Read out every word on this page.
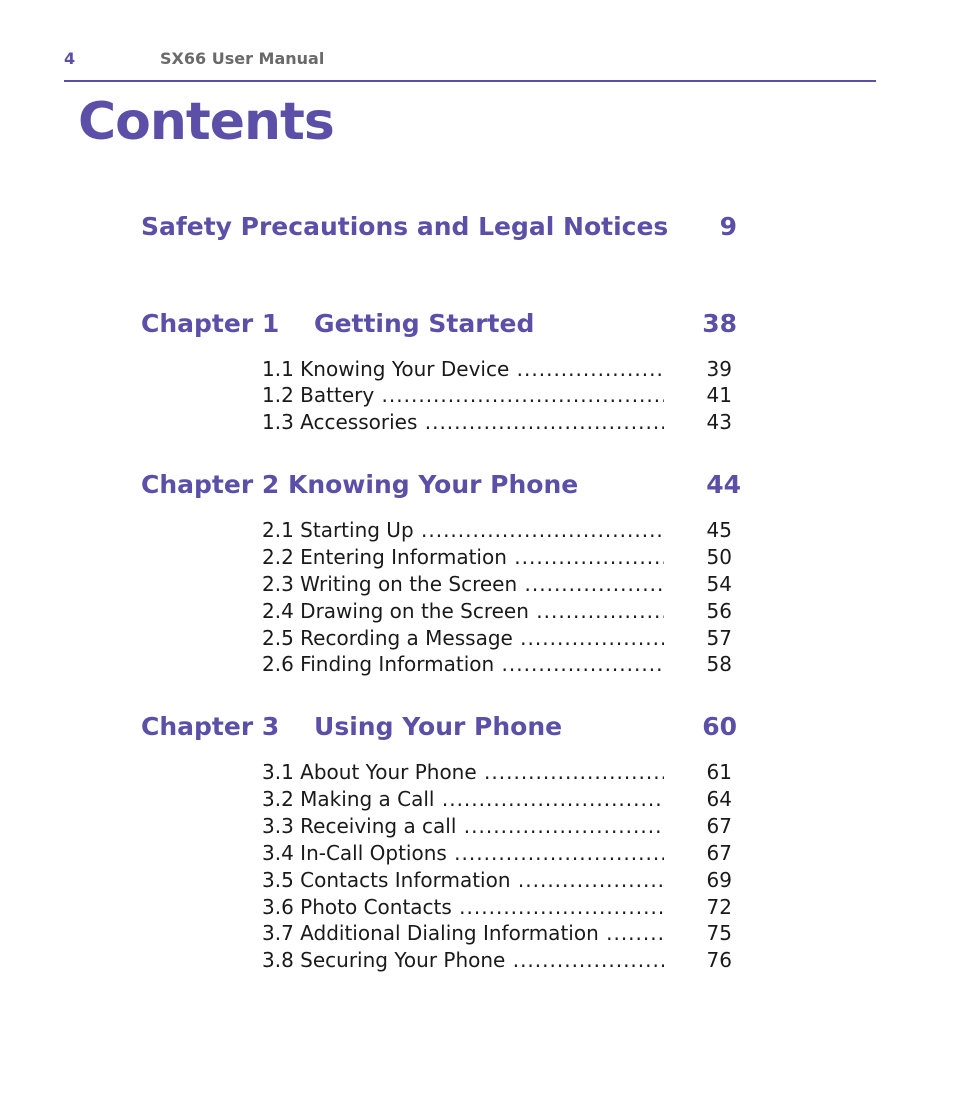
4	SX66 User Manual
Contents
Safety Precautions and Legal Notices 9
Chapter 1    Getting Started	38
1.1 Knowing Your Device .....	39
1.2 Battery .....	41
1.3 Accessories .....	43
Chapter 2 Knowing Your Phone	44
2.1 Starting Up .....	45
2.2 Entering Information .....	50
2.3 Writing on the Screen .....	54
2.4 Drawing on the Screen .....	56
2.5 Recording a Message .....	57
2.6 Finding Information .....	58
Chapter 3    Using Your Phone	60
3.1 About Your Phone .....	61
3.2 Making a Call .....	64
3.3 Receiving a call .....	67
3.4 In-Call Options .....	67
3.5 Contacts Information .....	69
3.6 Photo Contacts .....	72
3.7 Additional Dialing Information .....	75
3.8 Securing Your Phone .....	76
